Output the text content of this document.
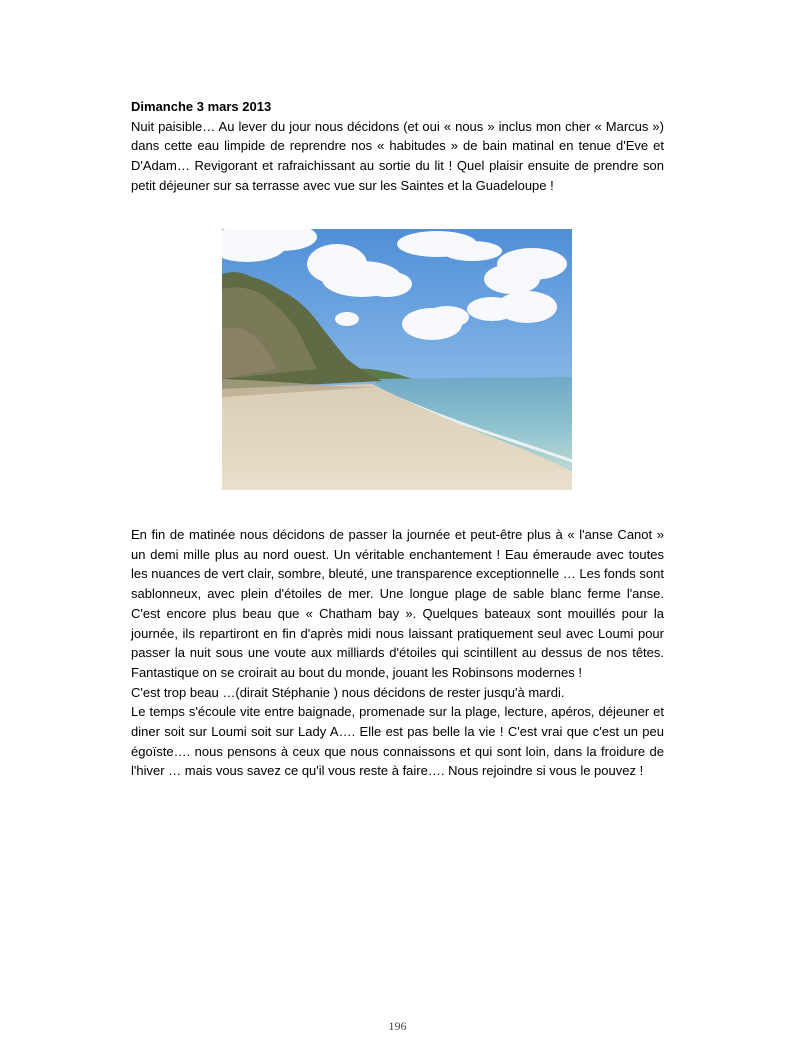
Dimanche 3 mars 2013

Nuit paisible… Au lever du jour nous décidons (et oui « nous » inclus mon cher « Marcus ») dans cette eau limpide de reprendre nos « habitudes » de bain matinal en tenue d'Eve et D'Adam… Revigorant et rafraichissant au sortie du lit ! Quel plaisir ensuite de prendre son petit déjeuner sur sa terrasse avec vue sur les Saintes et la Guadeloupe !

En fin de matinée nous décidons de passer la journée et peut-être plus à « l'anse Canot » un demi mille plus au nord ouest. Un véritable enchantement ! Eau émeraude avec toutes les nuances de vert clair, sombre, bleuté, une transparence exceptionnelle … Les fonds sont sablonneux, avec plein d'étoiles de mer. Une longue plage de sable blanc ferme l'anse. C'est encore plus beau que « Chatham bay ». Quelques bateaux sont mouillés pour la journée, ils repartiront en fin d'après midi nous laissant pratiquement seul avec Loumi pour passer la nuit sous une voute aux milliards d'étoiles qui scintillent au dessus de nos têtes. Fantastique on se croirait au bout du monde, jouant les Robinsons modernes !

C'est trop beau …(dirait Stéphanie ) nous décidons de rester jusqu'à mardi.

Le temps s'écoule vite entre baignade, promenade sur la plage, lecture, apéros, déjeuner et diner soit sur Loumi soit sur Lady A…. Elle est pas belle la vie ! C'est vrai que c'est un peu égoïste…. nous pensons à ceux que nous connaissons et qui sont loin, dans la froidure de l'hiver … mais vous savez ce qu'il vous reste à faire…. Nous rejoindre si vous le pouvez !

196
